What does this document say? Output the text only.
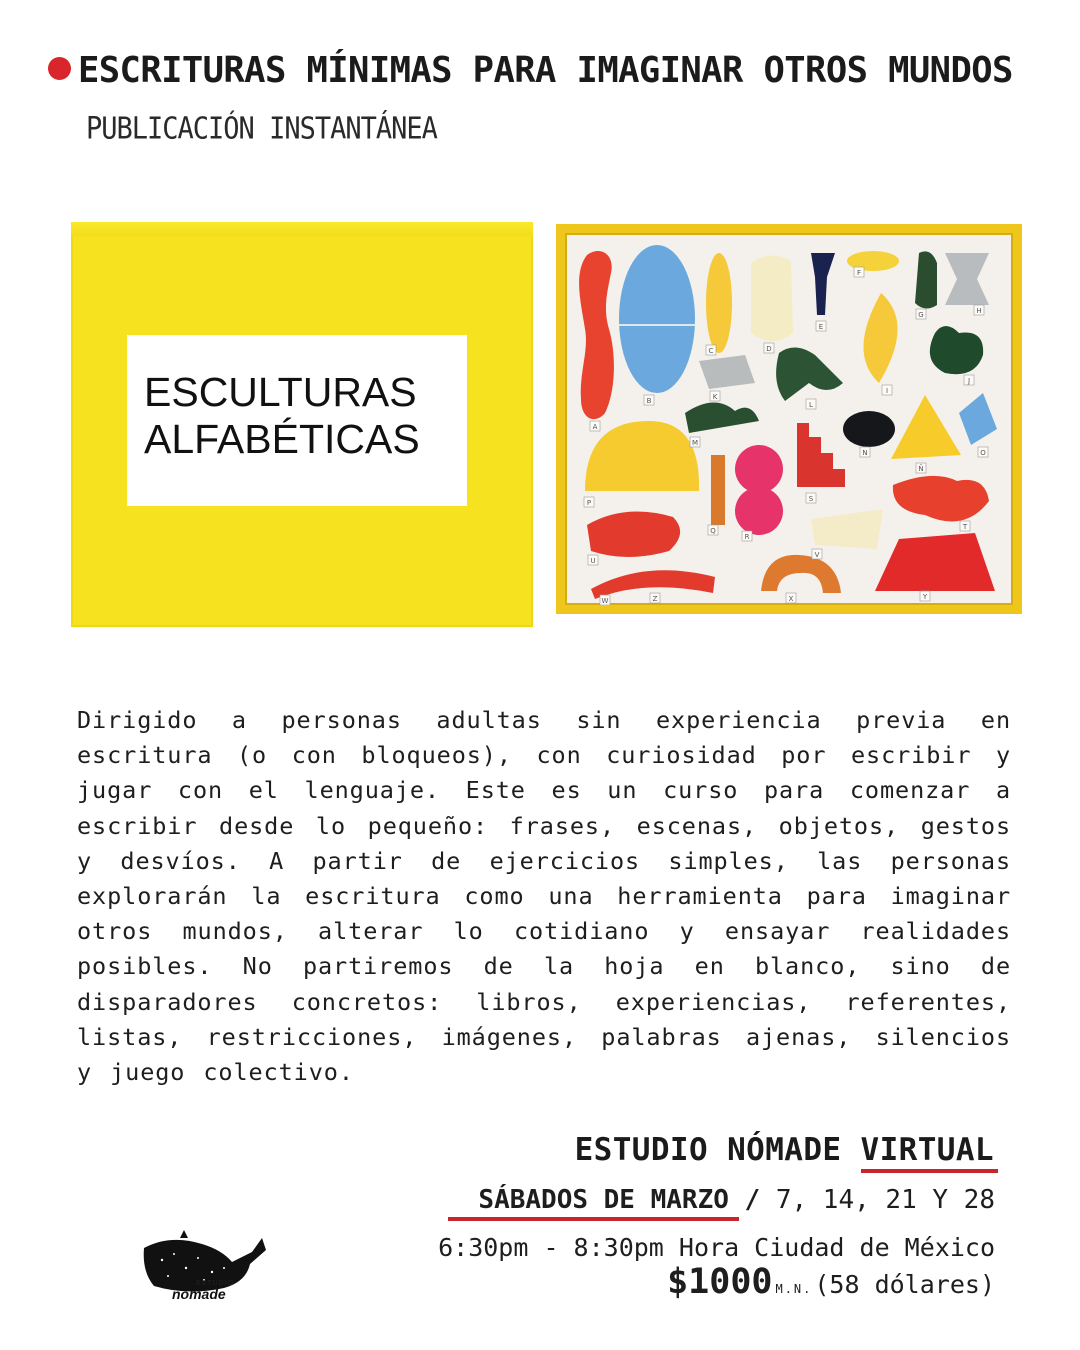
ESCRITURAS MÍNIMAS PARA IMAGINAR OTROS MUNDOS
PUBLICACIÓN INSTANTÁNEA
ESCULTURAS
ALFABÉTICAS	A
B
C	D
E
F
G	H
I
J
K
L
M
N
Ñ
O
P
Q
R
S
T
U
V
W	X	Y
Z

Dirigido a personas adultas sin experiencia previa en escritura (o con bloqueos), con curiosidad por escribir y jugar con el lenguaje. Este es un curso para comenzar a escribir desde lo pequeño: frases, escenas, objetos, gestos y desvíos. A partir de ejercicios simples, las personas explorarán la escritura como una herramienta para imaginar otros mundos, alterar lo cotidiano y ensayar realidades posibles. No partiremos de la hoja en blanco, sino de disparadores concretos: libros, experiencias, referentes, listas, restricciones, imágenes, palabras ajenas, silencios y juego colectivo.

ESTUDIO NÓMADE VIRTUAL

SÁBADOS DE MARZO / 7, 14, 21 Y 28

6:30pm - 8:30pm Hora Ciudad de México

$1000 M.N.(58 dólares)

ESTUDIO
nómade
